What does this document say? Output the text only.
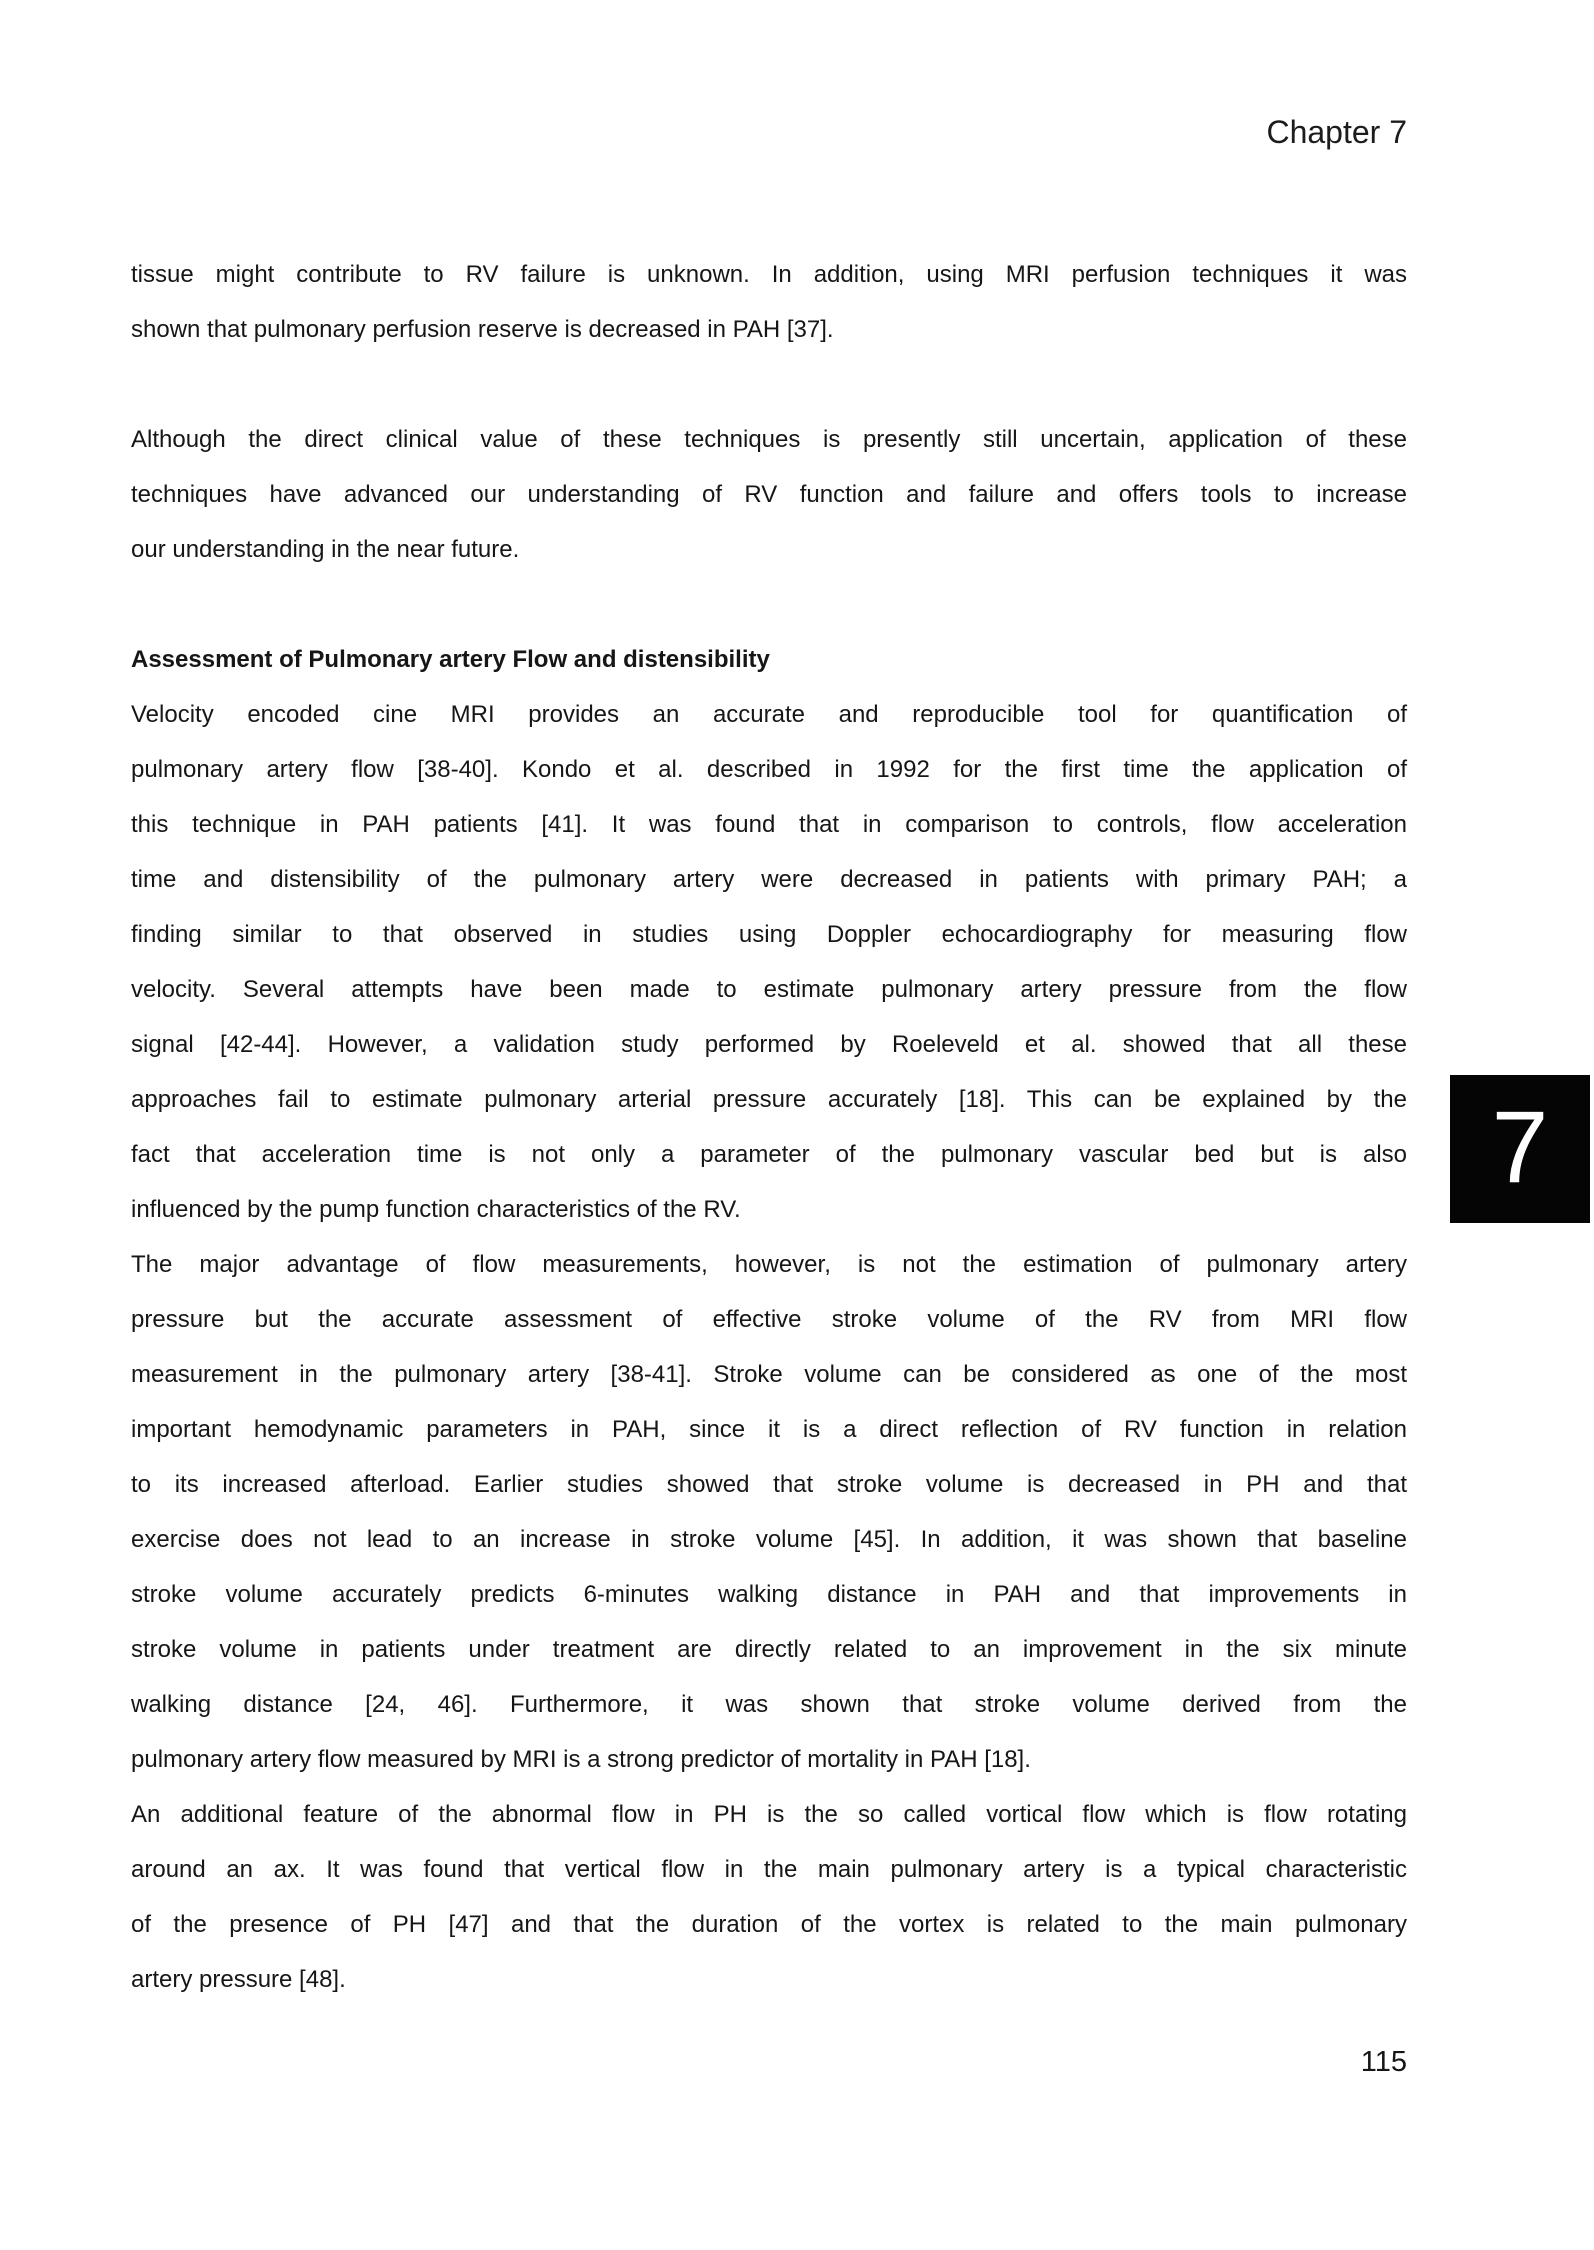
Chapter 7
tissue might contribute to RV failure is unknown. In addition, using MRI perfusion techniques it was
shown that pulmonary perfusion reserve is decreased in PAH [37].
Although the direct clinical value of these techniques is presently still uncertain, application of these
techniques have advanced our understanding of RV function and failure and offers tools to increase
our understanding in the near future.
Assessment of Pulmonary artery Flow and distensibility
Velocity encoded cine MRI provides an accurate and reproducible tool for quantification of
pulmonary artery flow [38-40]. Kondo et al. described in 1992 for the first time the application of
this technique in PAH patients [41]. It was found that in comparison to controls, flow acceleration
time and distensibility of the pulmonary artery were decreased in patients with primary PAH; a
finding similar to that observed in studies using Doppler echocardiography for measuring flow
velocity. Several attempts have been made to estimate pulmonary artery pressure from the flow
signal [42-44]. However, a validation study performed by Roeleveld et al. showed that all these
approaches fail to estimate pulmonary arterial pressure accurately [18]. This can be explained by the
fact that acceleration time is not only a parameter of the pulmonary vascular bed but is also
influenced by the pump function characteristics of the RV.
The major advantage of flow measurements, however, is not the estimation of pulmonary artery
pressure but the accurate assessment of effective stroke volume of the RV from MRI flow
measurement in the pulmonary artery [38-41]. Stroke volume can be considered as one of the most
important hemodynamic parameters in PAH, since it is a direct reflection of RV function in relation
to its increased afterload. Earlier studies showed that stroke volume is decreased in PH and that
exercise does not lead to an increase in stroke volume [45]. In addition, it was shown that baseline
stroke volume accurately predicts 6-minutes walking distance in PAH and that improvements in
stroke volume in patients under treatment are directly related to an improvement in the six minute
walking distance [24, 46]. Furthermore, it was shown that stroke volume derived from the
pulmonary artery flow measured by MRI is a strong predictor of mortality in PAH [18].
An additional feature of the abnormal flow in PH is the so called vortical flow which is flow rotating
around an ax. It was found that vertical flow in the main pulmonary artery is a typical characteristic
of the presence of PH [47] and that the duration of the vortex is related to the main pulmonary
artery pressure [48].
7
115
